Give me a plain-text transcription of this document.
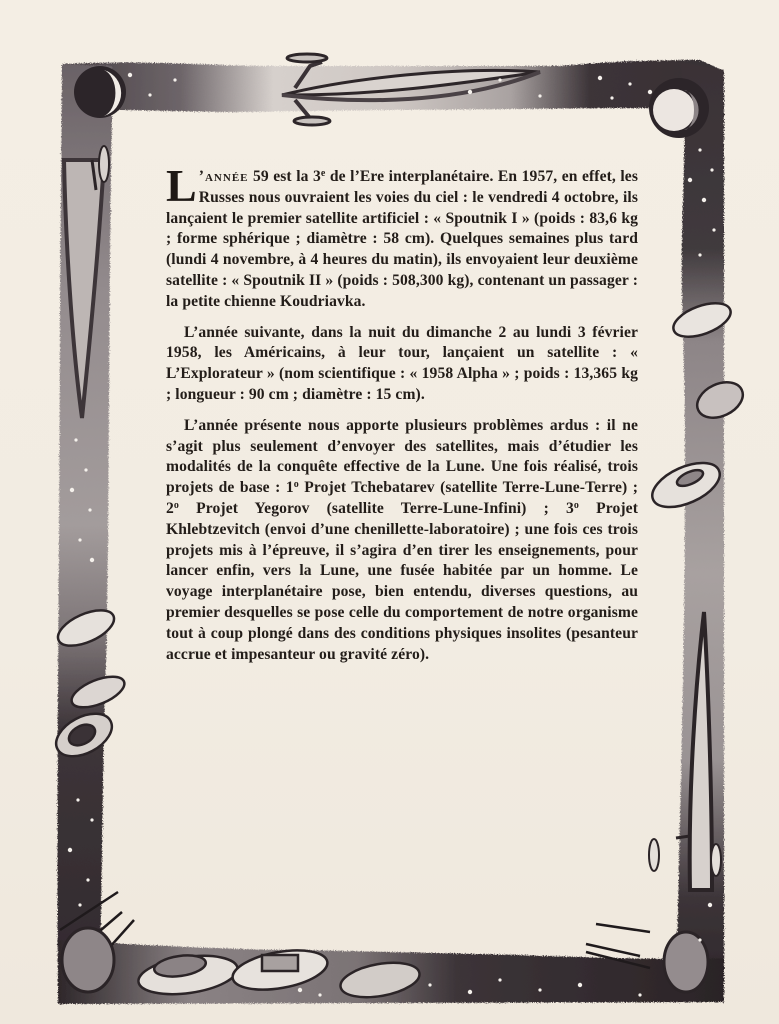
L ’année 59 est la 3e de l’Ere interplanétaire. En 1957, en effet, les Russes nous ouvraient les voies du ciel : le vendredi 4 octobre, ils lançaient le premier satellite artificiel : « Spoutnik I » (poids : 83,6 kg ; forme sphérique ; diamètre : 58 cm). Quelques semaines plus tard (lundi 4 novembre, à 4 heures du matin), ils envoyaient leur deuxième satellite : « Spoutnik II » (poids : 508,300 kg), contenant un passager : la petite chienne Koudriavka.

L’année suivante, dans la nuit du dimanche 2 au lundi 3 février 1958, les Américains, à leur tour, lançaient un satellite : « L’Explorateur » (nom scientifique : « 1958 Alpha » ; poids : 13,365 kg ; longueur : 90 cm ; diamètre : 15 cm).

L’année présente nous apporte plusieurs problèmes ardus : il ne s’agit plus seulement d’envoyer des satellites, mais d’étudier les modalités de la conquête effective de la Lune. Une fois réalisé, trois projets de base : 1$^o$ Projet Tchebatarev (satellite Terre-Lune-Terre) ; 2$^o$ Projet Yegorov (satellite Terre-Lune-Infini) ; 3$^o$ Projet Khlebtzevitch (envoi d’une chenillette-laboratoire) ; une fois ces trois projets mis à l’épreuve, il s’agira d’en tirer les enseignements, pour lancer enfin, vers la Lune, une fusée habitée par un homme. Le voyage interplanétaire pose, bien entendu, diverses questions, au premier desquelles se pose celle du comportement de notre organisme tout à coup plongé dans des conditions physiques insolites (pesanteur accrue et impesanteur ou gravité zéro).
